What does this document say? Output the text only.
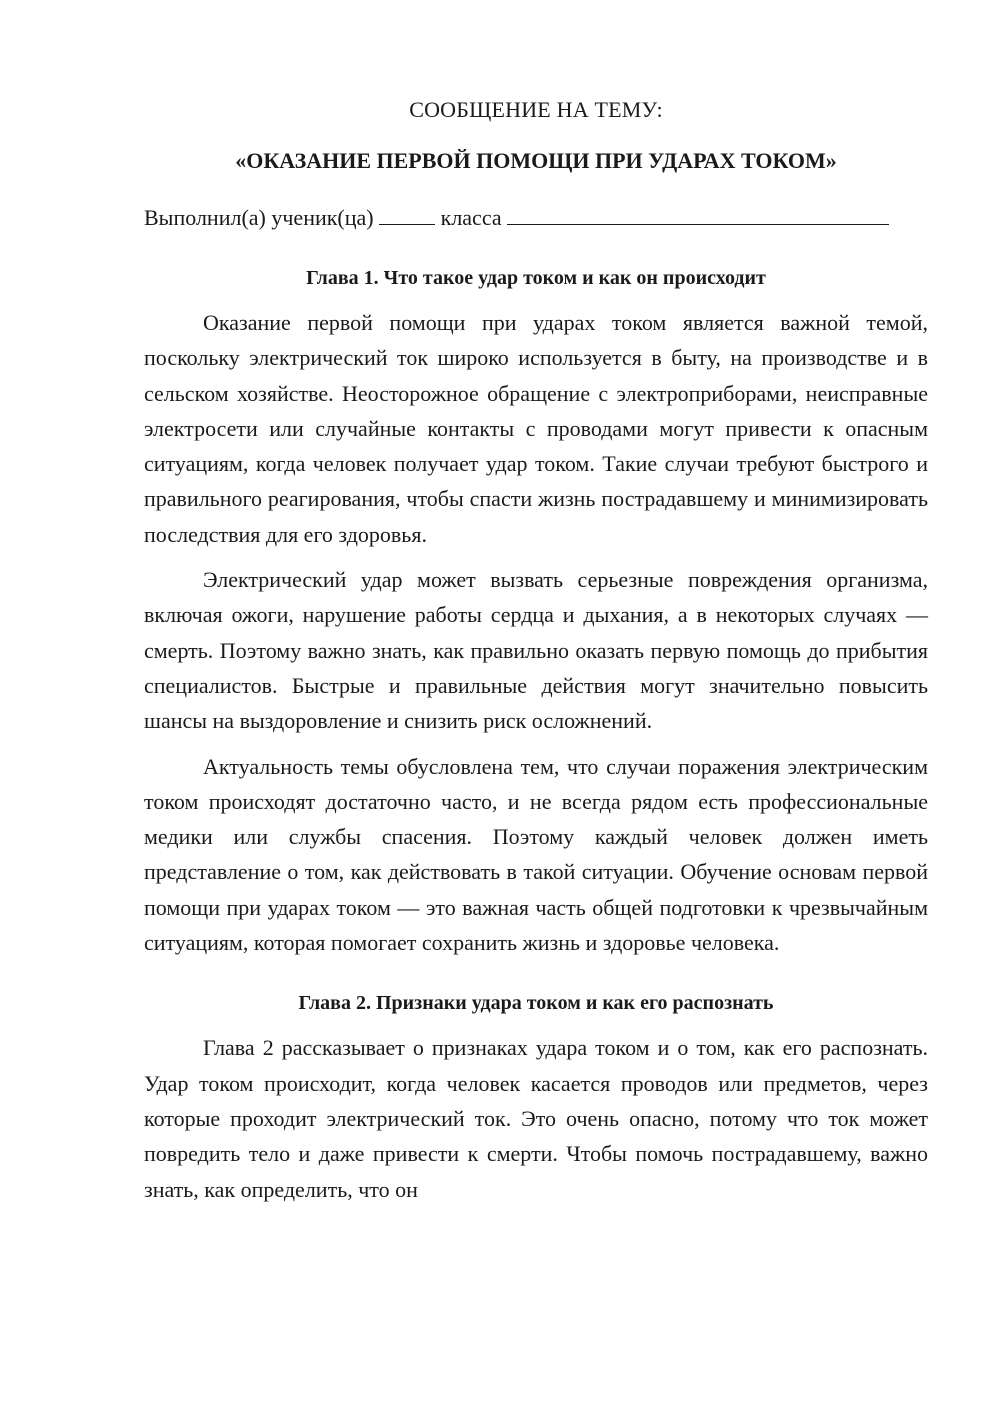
СООБЩЕНИЕ НА ТЕМУ:
«ОКАЗАНИЕ ПЕРВОЙ ПОМОЩИ ПРИ УДАРАХ ТОКОМ»
Выполнил(а) ученик(ца)	класса
Глава 1. Что такое удар током и как он происходит

Оказание первой помощи при ударах током является важной темой, поскольку электрический ток широко используется в быту, на производстве и в сельском хозяйстве. Неосторожное обращение с электроприборами, неисправные электросети или случайные контакты с проводами могут привести к опасным ситуациям, когда человек получает удар током. Такие случаи требуют быстрого и правильного реагирования, чтобы спасти жизнь пострадавшему и минимизировать последствия для его здоровья.

Электрический удар может вызвать серьезные повреждения организма, включая ожоги, нарушение работы сердца и дыхания, а в некоторых случаях — смерть. Поэтому важно знать, как правильно оказать первую помощь до прибытия специалистов. Быстрые и правильные действия могут значительно повысить шансы на выздоровление и снизить риск осложнений.

Актуальность темы обусловлена тем, что случаи поражения электрическим током происходят достаточно часто, и не всегда рядом есть профессиональные медики или службы спасения. Поэтому каждый человек должен иметь представление о том, как действовать в такой ситуации. Обучение основам первой помощи при ударах током — это важная часть общей подготовки к чрезвычайным ситуациям, которая помогает сохранить жизнь и здоровье человека.

Глава 2. Признаки удара током и как его распознать

Глава 2 рассказывает о признаках удара током и о том, как его распознать. Удар током происходит, когда человек касается проводов или предметов, через которые проходит электрический ток. Это очень опасно, потому что ток может повредить тело и даже привести к смерти. Чтобы помочь пострадавшему, важно знать, как определить, что он
